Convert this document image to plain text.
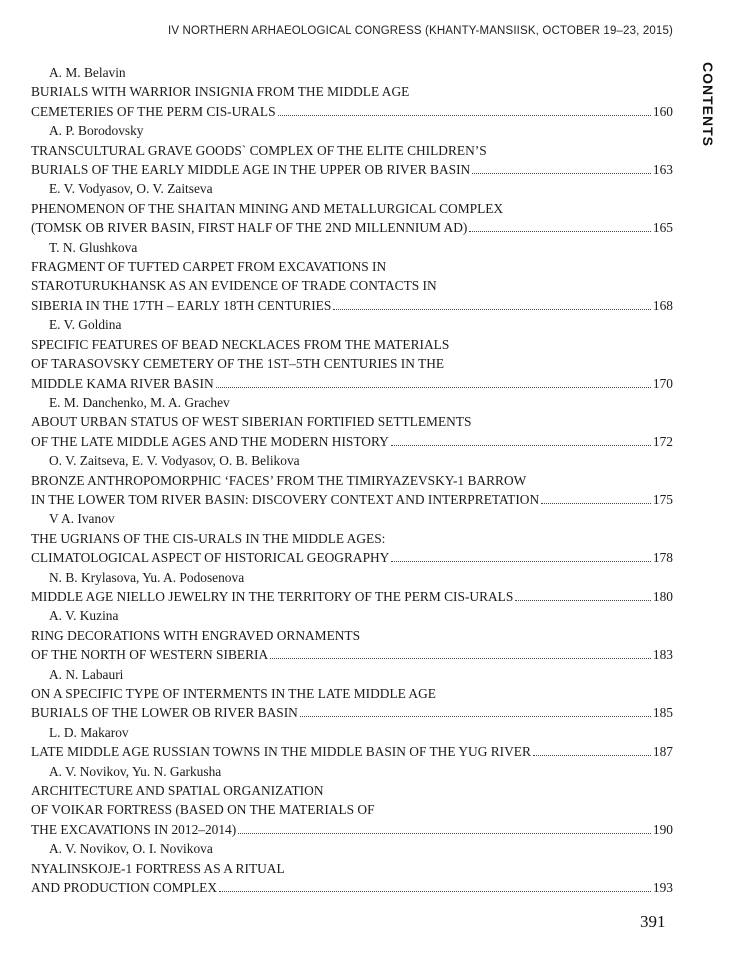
IV NORTHERN ARHAEOLOGICAL CONGRESS (KHANTY-MANSIISK, OCTOBER 19–23, 2015)
CONTENTS
A. M. Belavin
BURIALS WITH WARRIOR INSIGNIA FROM THE MIDDLE AGE
CEMETERIES OF THE PERM CIS-URALS	160
A. P. Borodovsky
TRANSCULTURAL GRAVE GOODS` COMPLEX OF THE ELITE CHILDREN’S
BURIALS OF THE EARLY MIDDLE AGE IN THE UPPER OB RIVER BASIN	163
E. V. Vodyasov, O. V. Zaitseva
PHENOMENON OF THE SHAITAN MINING AND METALLURGICAL COMPLEX
(TOMSK OB RIVER BASIN, FIRST HALF OF THE 2ND MILLENNIUM AD)	165
T. N. Glushkova
FRAGMENT OF TUFTED CARPET FROM EXCAVATIONS IN
STAROTURUKHANSK AS AN EVIDENCE OF TRADE CONTACTS IN
SIBERIA IN THE 17TH – EARLY 18TH CENTURIES	168
E. V. Goldina
SPECIFIC FEATURES OF BEAD NECKLACES FROM THE MATERIALS
OF TARASOVSKY CEMETERY OF THE 1ST–5TH CENTURIES IN THE
MIDDLE KAMA RIVER BASIN	170
E. M. Danchenko, M. A. Grachev
ABOUT URBAN STATUS OF WEST SIBERIAN FORTIFIED SETTLEMENTS
OF THE LATE MIDDLE AGES AND THE MODERN HISTORY	172
O. V. Zaitseva, E. V. Vodyasov, O. B. Belikova
BRONZE ANTHROPOMORPHIC ‘FACES’ FROM THE TIMIRYAZEVSKY-1 BARROW
IN THE LOWER TOM RIVER BASIN: DISCOVERY CONTEXT AND INTERPRETATION	175
V A. Ivanov
THE UGRIANS OF THE CIS-URALS IN THE MIDDLE AGES:
CLIMATOLOGICAL ASPECT OF HISTORICAL GEOGRAPHY	178
N. B. Krylasova, Yu. A. Podosenova
MIDDLE AGE NIELLO JEWELRY IN THE TERRITORY OF THE PERM CIS-URALS	180
A. V. Kuzina
RING DECORATIONS WITH ENGRAVED ORNAMENTS
OF THE NORTH OF WESTERN SIBERIA	183
A. N. Labauri
ON A SPECIFIC TYPE OF INTERMENTS IN THE LATE MIDDLE AGE
BURIALS OF THE LOWER OB RIVER BASIN	185
L. D. Makarov
LATE MIDDLE AGE RUSSIAN TOWNS IN THE MIDDLE BASIN OF THE YUG RIVER	187
A. V. Novikov, Yu. N. Garkusha
ARCHITECTURE AND SPATIAL ORGANIZATION
OF VOIKAR FORTRESS (BASED ON THE MATERIALS OF
THE EXCAVATIONS IN 2012–2014)	190
A. V. Novikov, O. I. Novikova
NYALINSKOJE-1 FORTRESS AS A RITUAL
AND PRODUCTION COMPLEX	193
391
